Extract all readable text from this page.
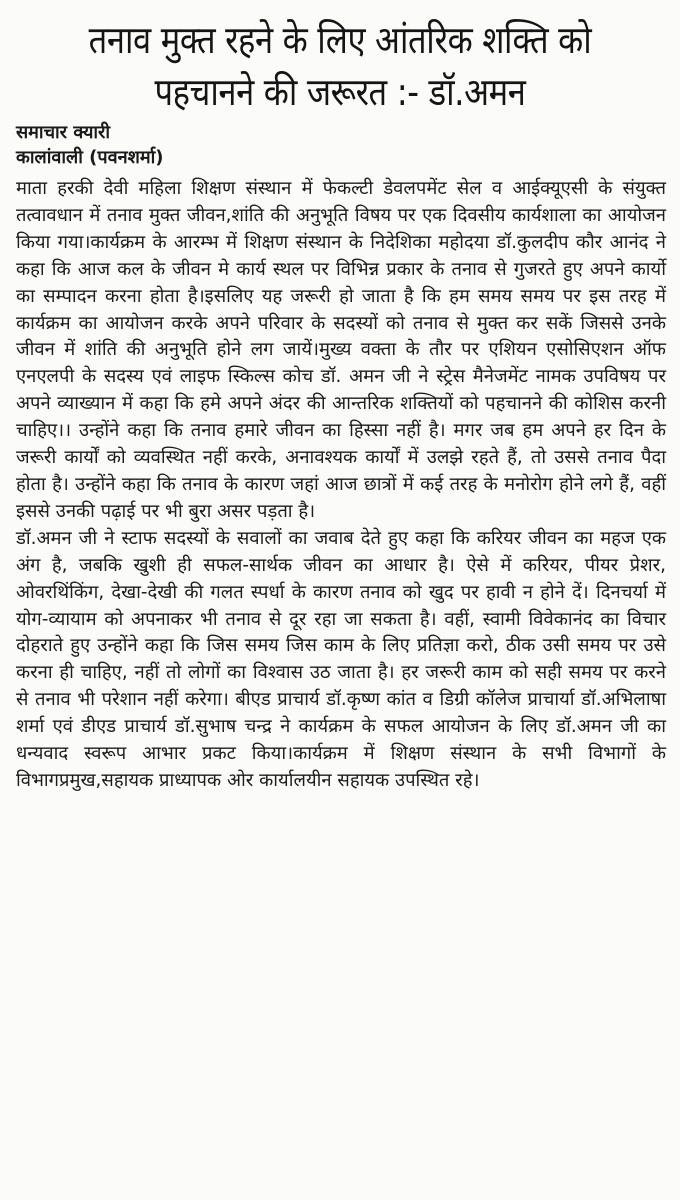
तनाव मुक्त रहने के लिए आंतरिक शक्ति को
पहचानने की जरूरत :- डॉ.अमन
समाचार क्यारी
कालांवाली (पवनशर्मा)

माता हरकी देवी महिला शिक्षण संस्थान में फेकल्टी डेवलपमेंट सेल व आईक्यूएसी के संयुक्त तत्वावधान में तनाव मुक्त जीवन,शांति की अनुभूति विषय पर एक दिवसीय कार्यशाला का आयोजन किया गया।कार्यक्रम के आरम्भ में शिक्षण संस्थान के निदेशिका महोदया डॉ.कुलदीप कौर आनंद ने कहा कि आज कल के जीवन मे कार्य स्थल पर विभिन्न प्रकार के तनाव से गुजरते हुए अपने कार्यो का सम्पादन करना होता है।इसलिए यह जरूरी हो जाता है कि हम समय समय पर इस तरह में कार्यक्रम का आयोजन करके अपने परिवार के सदस्यों को तनाव से मुक्त कर सकें जिससे उनके जीवन में शांति की अनुभूति होने लग जायें।मुख्य वक्ता के तौर पर एशियन एसोसिएशन ऑफ एनएलपी के सदस्य एवं लाइफ स्किल्स कोच डॉ. अमन जी ने स्ट्रेस मैनेजमेंट नामक उपविषय पर अपने व्याख्यान में कहा कि हमे अपने अंदर की आन्तरिक शक्तियों को पहचानने की कोशिस करनी चाहिए।। उन्होंने कहा कि तनाव हमारे जीवन का हिस्सा नहीं है। मगर जब हम अपने हर दिन के जरूरी कार्यों को व्यवस्थित नहीं करके, अनावश्यक कार्यों में उलझे रहते हैं, तो उससे तनाव पैदा होता है। उन्होंने कहा कि तनाव के कारण जहां आज छात्रों में कई तरह के मनोरोग होने लगे हैं, वहीं इससे उनकी पढ़ाई पर भी बुरा असर पड़ता है।

डॉ.अमन जी ने स्टाफ सदस्यों के सवालों का जवाब देते हुए कहा कि करियर जीवन का महज एक अंग है, जबकि खुशी ही सफल-सार्थक जीवन का आधार है। ऐसे में करियर, पीयर प्रेशर, ओवरथिंकिंग, देखा-देखी की गलत स्पर्धा के कारण तनाव को खुद पर हावी न होने दें। दिनचर्या में योग-व्यायाम को अपनाकर भी तनाव से दूर रहा जा सकता है। वहीं, स्वामी विवेकानंद का विचार दोहराते हुए उन्होंने कहा कि जिस समय जिस काम के लिए प्रतिज्ञा करो, ठीक उसी समय पर उसे करना ही चाहिए, नहीं तो लोगों का विश्वास उठ जाता है। हर जरूरी काम को सही समय पर करने से तनाव भी परेशान नहीं करेगा। बीएड प्राचार्य डॉ.कृष्ण कांत व डिग्री कॉलेज प्राचार्या डॉ.अभिलाषा शर्मा एवं डीएड प्राचार्य डॉ.सुभाष चन्द्र ने कार्यक्रम के सफल आयोजन के लिए डॉ.अमन जी का धन्यवाद स्वरूप आभार प्रकट किया।कार्यक्रम में शिक्षण संस्थान के सभी विभागों के विभागप्रमुख,सहायक प्राध्यापक ओर कार्यालयीन सहायक उपस्थित रहे।
